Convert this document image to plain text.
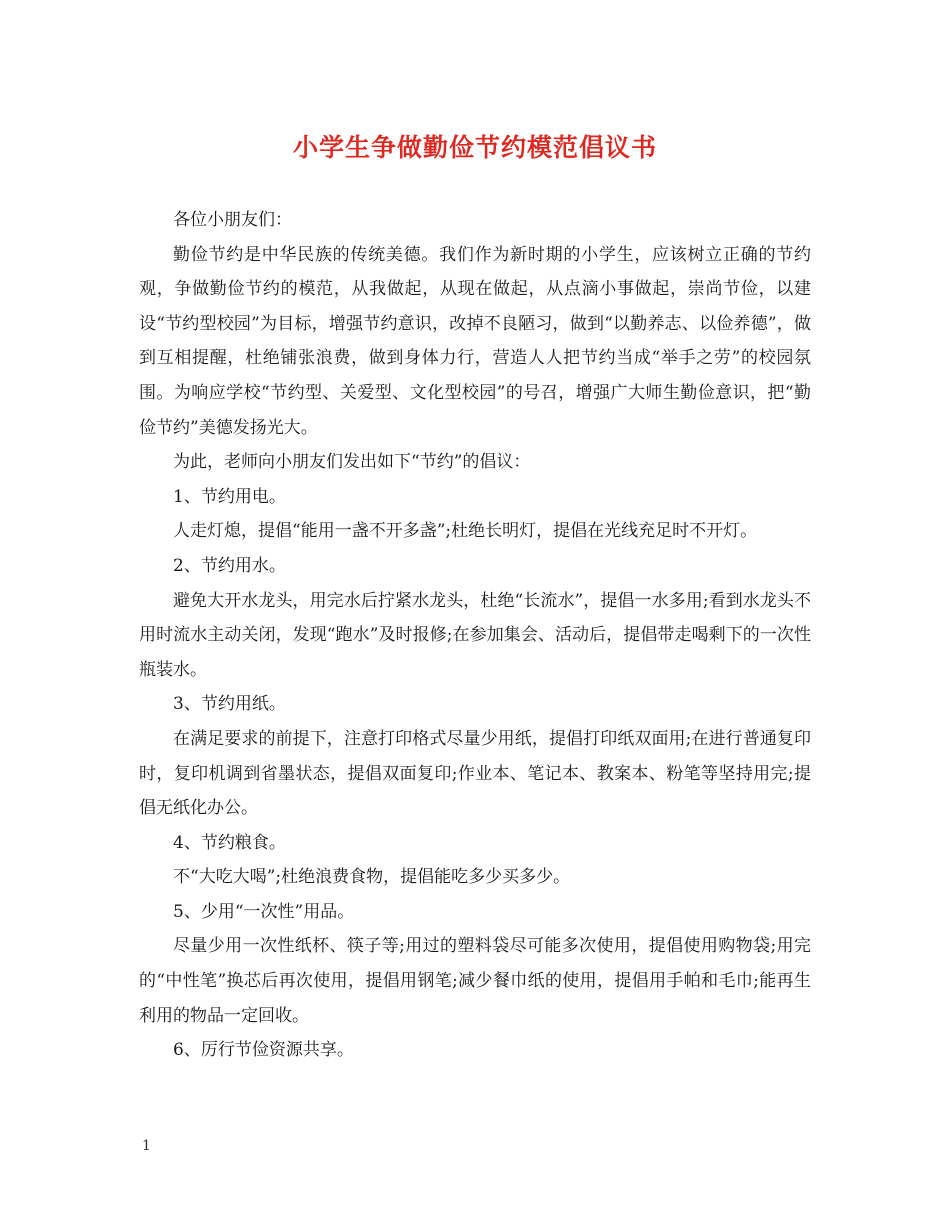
小学生争做勤俭节约模范倡议书

各位小朋友们：

勤俭节约是中华民族的传统美德。我们作为新时期的小学生，应该树立正确的节约观，争做勤俭节约的模范，从我做起，从现在做起，从点滴小事做起，崇尚节俭，以建设“节约型校园”为目标，增强节约意识，改掉不良陋习，做到“以勤养志、以俭养德”，做到互相提醒，杜绝铺张浪费，做到身体力行，营造人人把节约当成“举手之劳”的校园氛围。为响应学校“节约型、关爱型、文化型校园”的号召，增强广大师生勤俭意识，把“勤俭节约”美德发扬光大。

为此，老师向小朋友们发出如下“节约”的倡议：

1、节约用电。

人走灯熄，提倡“能用一盏不开多盏”;杜绝长明灯，提倡在光线充足时不开灯。

2、节约用水。

避免大开水龙头，用完水后拧紧水龙头，杜绝“长流水”，提倡一水多用;看到水龙头不用时流水主动关闭，发现“跑水”及时报修;在参加集会、活动后，提倡带走喝剩下的一次性瓶装水。

3、节约用纸。

在满足要求的前提下，注意打印格式尽量少用纸，提倡打印纸双面用;在进行普通复印时，复印机调到省墨状态，提倡双面复印;作业本、笔记本、教案本、粉笔等坚持用完;提倡无纸化办公。

4、节约粮食。

不“大吃大喝”;杜绝浪费食物，提倡能吃多少买多少。

5、少用“一次性”用品。

尽量少用一次性纸杯、筷子等;用过的塑料袋尽可能多次使用，提倡使用购物袋;用完的“中性笔”换芯后再次使用，提倡用钢笔;减少餐巾纸的使用，提倡用手帕和毛巾;能再生利用的物品一定回收。

6、厉行节俭资源共享。

1
